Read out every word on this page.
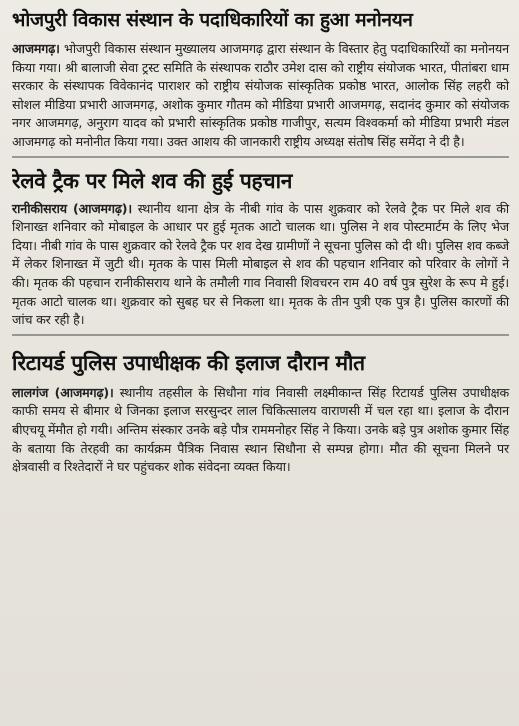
भोजपुरी विकास संस्थान के पदाधिकारियों का हुआ मनोनयन
आजमगढ़। भोजपुरी विकास संस्थान मुख्यालय आजमगढ़ द्वारा संस्थान के विस्तार हेतु पदाधिकारियों का मनोनयन किया गया। श्री बालाजी सेवा ट्रस्ट समिति के संस्थापक राठौर उमेश दास को राष्ट्रीय संयोजक भारत, पीतांबरा धाम सरकार के संस्थापक विवेकानंद पाराशर को राष्ट्रीय संयोजक सांस्कृतिक प्रकोष्ठ भारत, आलोक सिंह लहरी को सोशल मीडिया प्रभारी आजमगढ़, अशोक कुमार गौतम को मीडिया प्रभारी आजमगढ़, सदानंद कुमार को संयोजक नगर आजमगढ़, अनुराग यादव को प्रभारी सांस्कृतिक प्रकोष्ठ गाजीपुर, सत्यम विश्वकर्मा को मीडिया प्रभारी मंडल आजमगढ़ को मनोनीत किया गया। उक्त आशय की जानकारी राष्ट्रीय अध्यक्ष संतोष सिंह समेंदा ने दी है।
रेलवे ट्रैक पर मिले शव की हुई पहचान
रानीकीसराय (आजमगढ़)। स्थानीय थाना क्षेत्र के नीबी गांव के पास शुक्रवार को रेलवे ट्रैक पर मिले शव की शिनाख्त शनिवार को मोबाइल के आधार पर हुई मृतक आटो चालक था। पुलिस ने शव पोस्टमार्टम के लिए भेज दिया। नीबी गांव के पास शुक्रवार को रेलवे ट्रैक पर शव देख ग्रामीणों ने सूचना पुलिस को दी थी। पुलिस शव कब्जे में लेकर शिनाख्त में जुटी थी। मृतक के पास मिली मोबाइल से शव की पहचान शनिवार को परिवार के लोगों ने की। मृतक की पहचान रानीकीसराय थाने के तमौली गाव निवासी शिवचरन राम 40 वर्ष पुत्र सुरेश के रूप मे हुई। मृतक आटो चालक था। शुक्रवार को सुबह घर से निकला था। मृतक के तीन पुत्री एक पुत्र है। पुलिस कारणों की जांच कर रही है।
रिटायर्ड पुलिस उपाधीक्षक की इलाज दौरान मौत
लालगंज (आजमगढ़)। स्थानीय तहसील के सिधौना गांव निवासी लक्ष्मीकान्त सिंह रिटायर्ड पुलिस उपाधीक्षक काफी समय से बीमार थे जिनका इलाज सरसुन्दर लाल चिकित्सालय वाराणसी में चल रहा था। इलाज के दौरान बीएचयू मेंमौत हो गयी। अन्तिम संस्कार उनके बड़े पौत्र राममनोहर सिंह ने किया। उनके बड़े पुत्र अशोक कुमार सिंह के बताया कि तेरहवी का कार्यक्रम पैत्रिक निवास स्थान सिधौना से सम्पन्न होगा। मौत की सूचना मिलने पर क्षेत्रवासी व रिश्तेदारों ने घर पहुंचकर शोक संवेदना व्यक्त किया।
